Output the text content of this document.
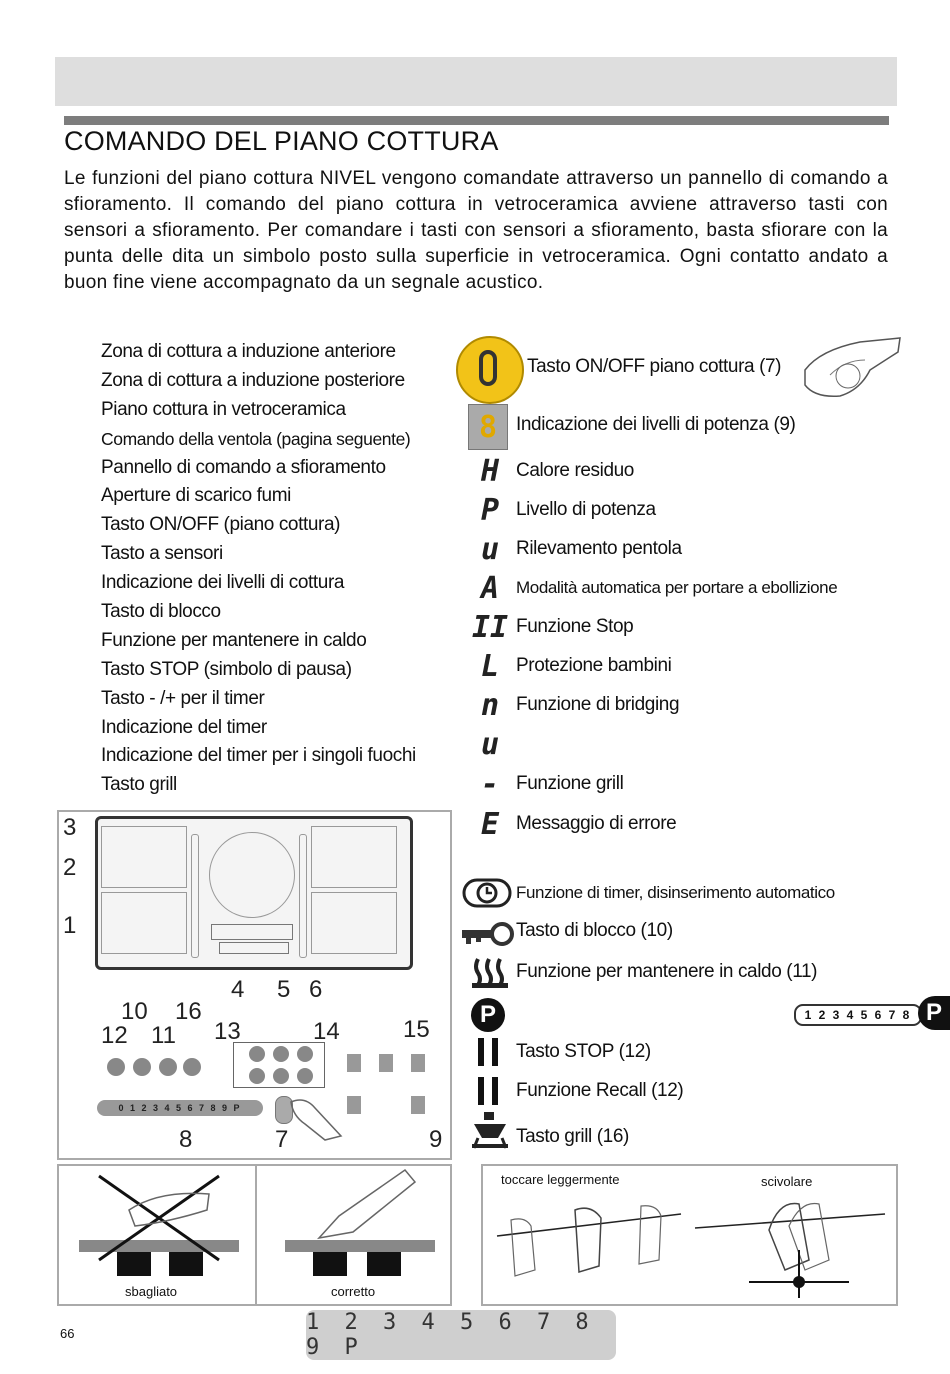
COMANDO DEL PIANO COTTURA
Le funzioni del piano cottura NIVEL vengono comandate attraverso un pannello di comando a sfioramento. Il comando del piano cottura in vetroceramica avviene attraverso tasti con sensori a sfioramento. Per comandare i tasti con sensori a sfioramento, basta sfiorare con la punta delle dita un simbolo posto sulla superficie in vetroceramica. Ogni contatto andato a buon fine viene accompagnato da un segnale acustico.
Zona di cottura a induzione anteriore
Zona di cottura a induzione posteriore
Piano cottura in vetroceramica
Comando della ventola (pagina seguente)
Pannello di comando a sfioramento
Aperture di scarico fumi
Tasto ON/OFF (piano cottura)
Tasto a sensori
Indicazione dei livelli di cottura
Tasto di blocco
Funzione per mantenere in caldo
Tasto STOP (simbolo di pausa)
Tasto - /+ per il timer
Indicazione del timer
Indicazione del timer per i singoli fuochi
Tasto grill
Tasto ON/OFF piano cottura (7)
8 Indicazione dei livelli di potenza (9)
H Calore residuo
P Livello di potenza
u Rilevamento pentola
A Modalità automatica per portare a ebollizione
II Funzione Stop
L Protezione bambini
n Funzione di bridging
u
- Funzione grill
E Messaggio di errore
Funzione di timer, disinserimento automatico
Tasto di blocco (10)
Funzione per mantenere in caldo (11)
P	1 2 3 4 5 6 7 8 P
Tasto STOP (12)
Funzione Recall (12)
Tasto grill (16)
3
2
1
4 5 6
10 16
12 11 13	14	15
8	7	9
0 1 2 3 4 5 6 7 8 9 P
sbagliato	corretto
toccare leggermente	scivolare
66	1 2 3 4 5 6 7 8 9 P
